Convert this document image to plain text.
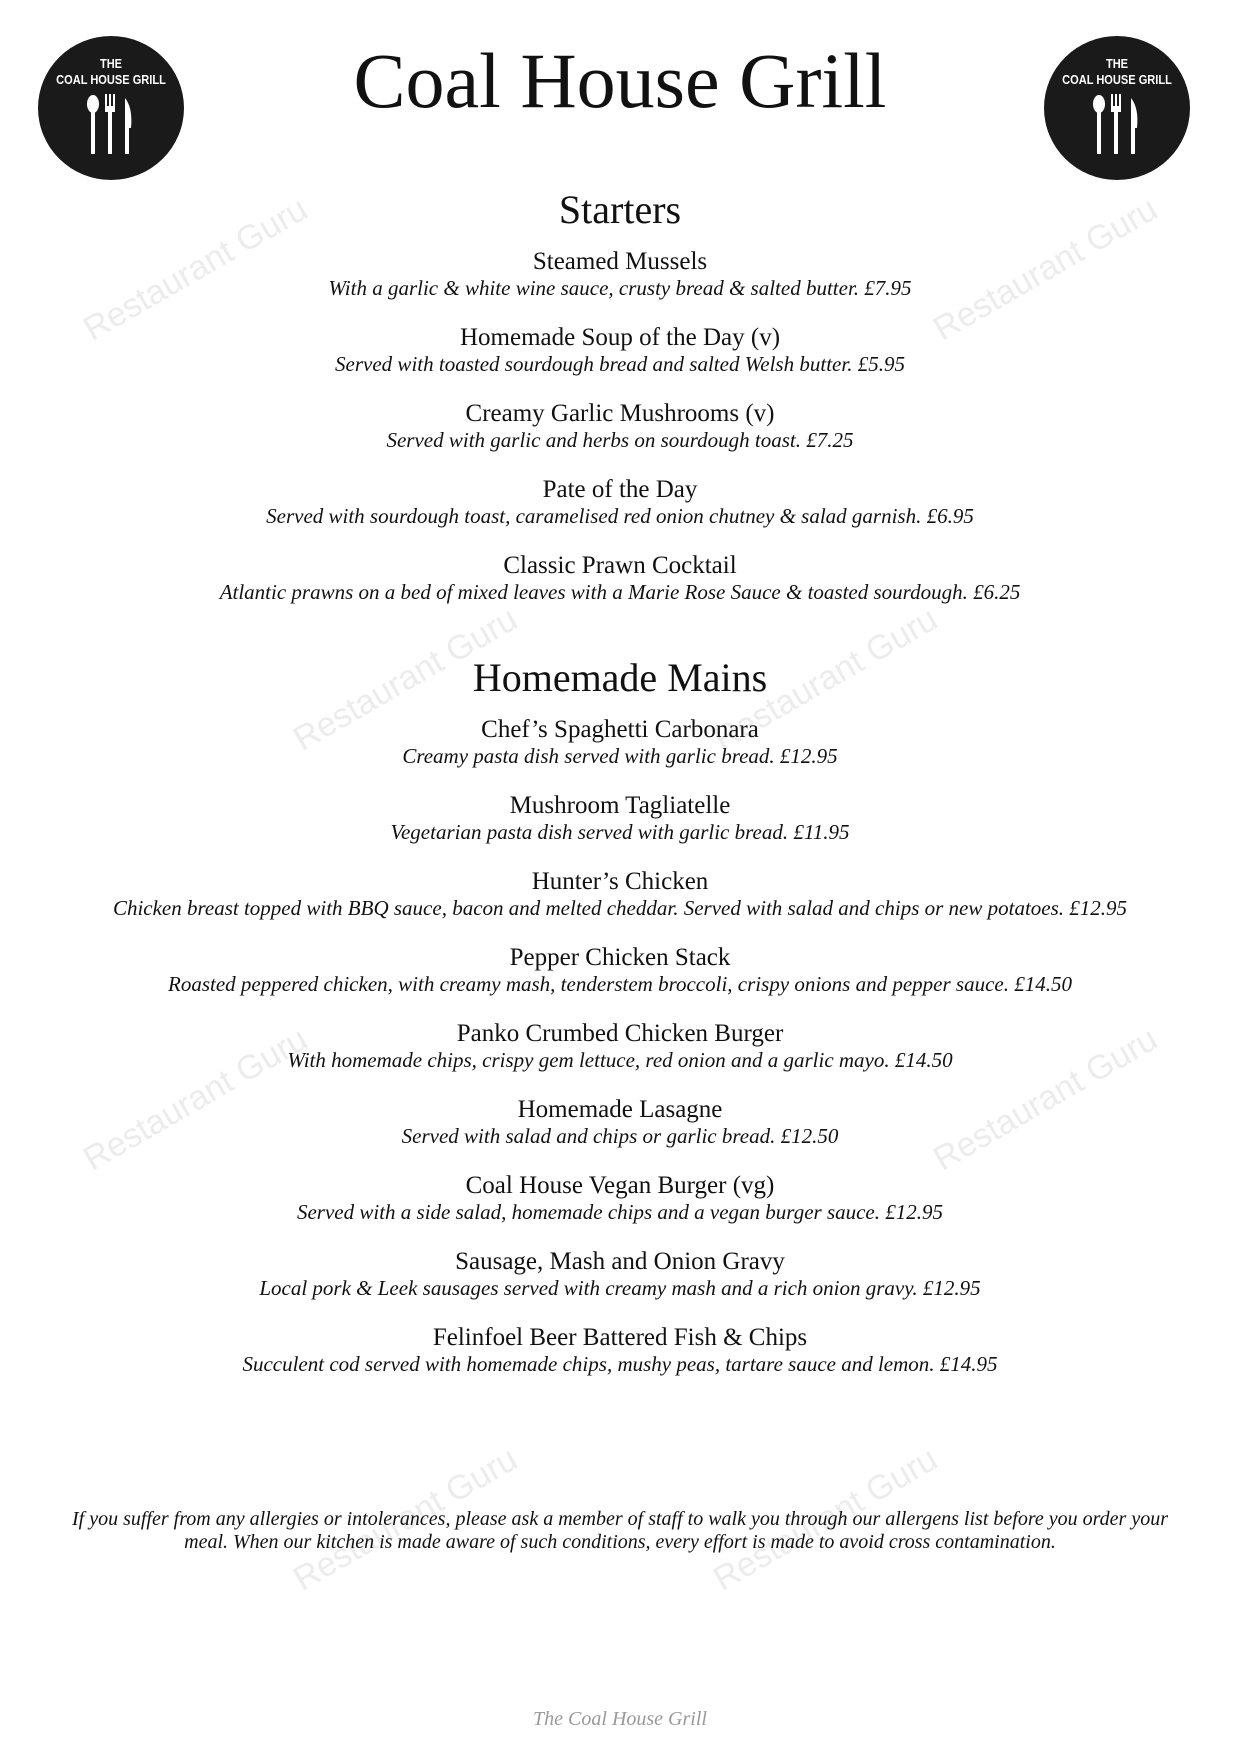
Restaurant Guru	Restaurant Guru
Restaurant Guru	Restaurant Guru
Restaurant Guru	Restaurant Guru
Restaurant Guru	Restaurant Guru
THE
COAL HOUSE GRILL
THE
COAL HOUSE GRILL
Coal House Grill
Starters
Steamed Mussels
With a garlic & white wine sauce, crusty bread & salted butter. £7.95
Homemade Soup of the Day (v)
Served with toasted sourdough bread and salted Welsh butter. £5.95
Creamy Garlic Mushrooms (v)
Served with garlic and herbs on sourdough toast. £7.25
Pate of the Day
Served with sourdough toast, caramelised red onion chutney & salad garnish. £6.95
Classic Prawn Cocktail
Atlantic prawns on a bed of mixed leaves with a Marie Rose Sauce & toasted sourdough. £6.25
Homemade Mains
Chef’s Spaghetti Carbonara
Creamy pasta dish served with garlic bread. £12.95
Mushroom Tagliatelle
Vegetarian pasta dish served with garlic bread. £11.95
Hunter’s Chicken
Chicken breast topped with BBQ sauce, bacon and melted cheddar. Served with salad and chips or new potatoes. £12.95
Pepper Chicken Stack
Roasted peppered chicken, with creamy mash, tenderstem broccoli, crispy onions and pepper sauce. £14.50
Panko Crumbed Chicken Burger
With homemade chips, crispy gem lettuce, red onion and a garlic mayo. £14.50
Homemade Lasagne
Served with salad and chips or garlic bread. £12.50
Coal House Vegan Burger (vg)
Served with a side salad, homemade chips and a vegan burger sauce. £12.95
Sausage, Mash and Onion Gravy
Local pork & Leek sausages served with creamy mash and a rich onion gravy. £12.95
Felinfoel Beer Battered Fish & Chips
Succulent cod served with homemade chips, mushy peas, tartare sauce and lemon. £14.95
If you suffer from any allergies or intolerances, please ask a member of staff to walk you through our allergens list before you order your meal. When our kitchen is made aware of such conditions, every effort is made to avoid cross contamination.
The Coal House Grill
